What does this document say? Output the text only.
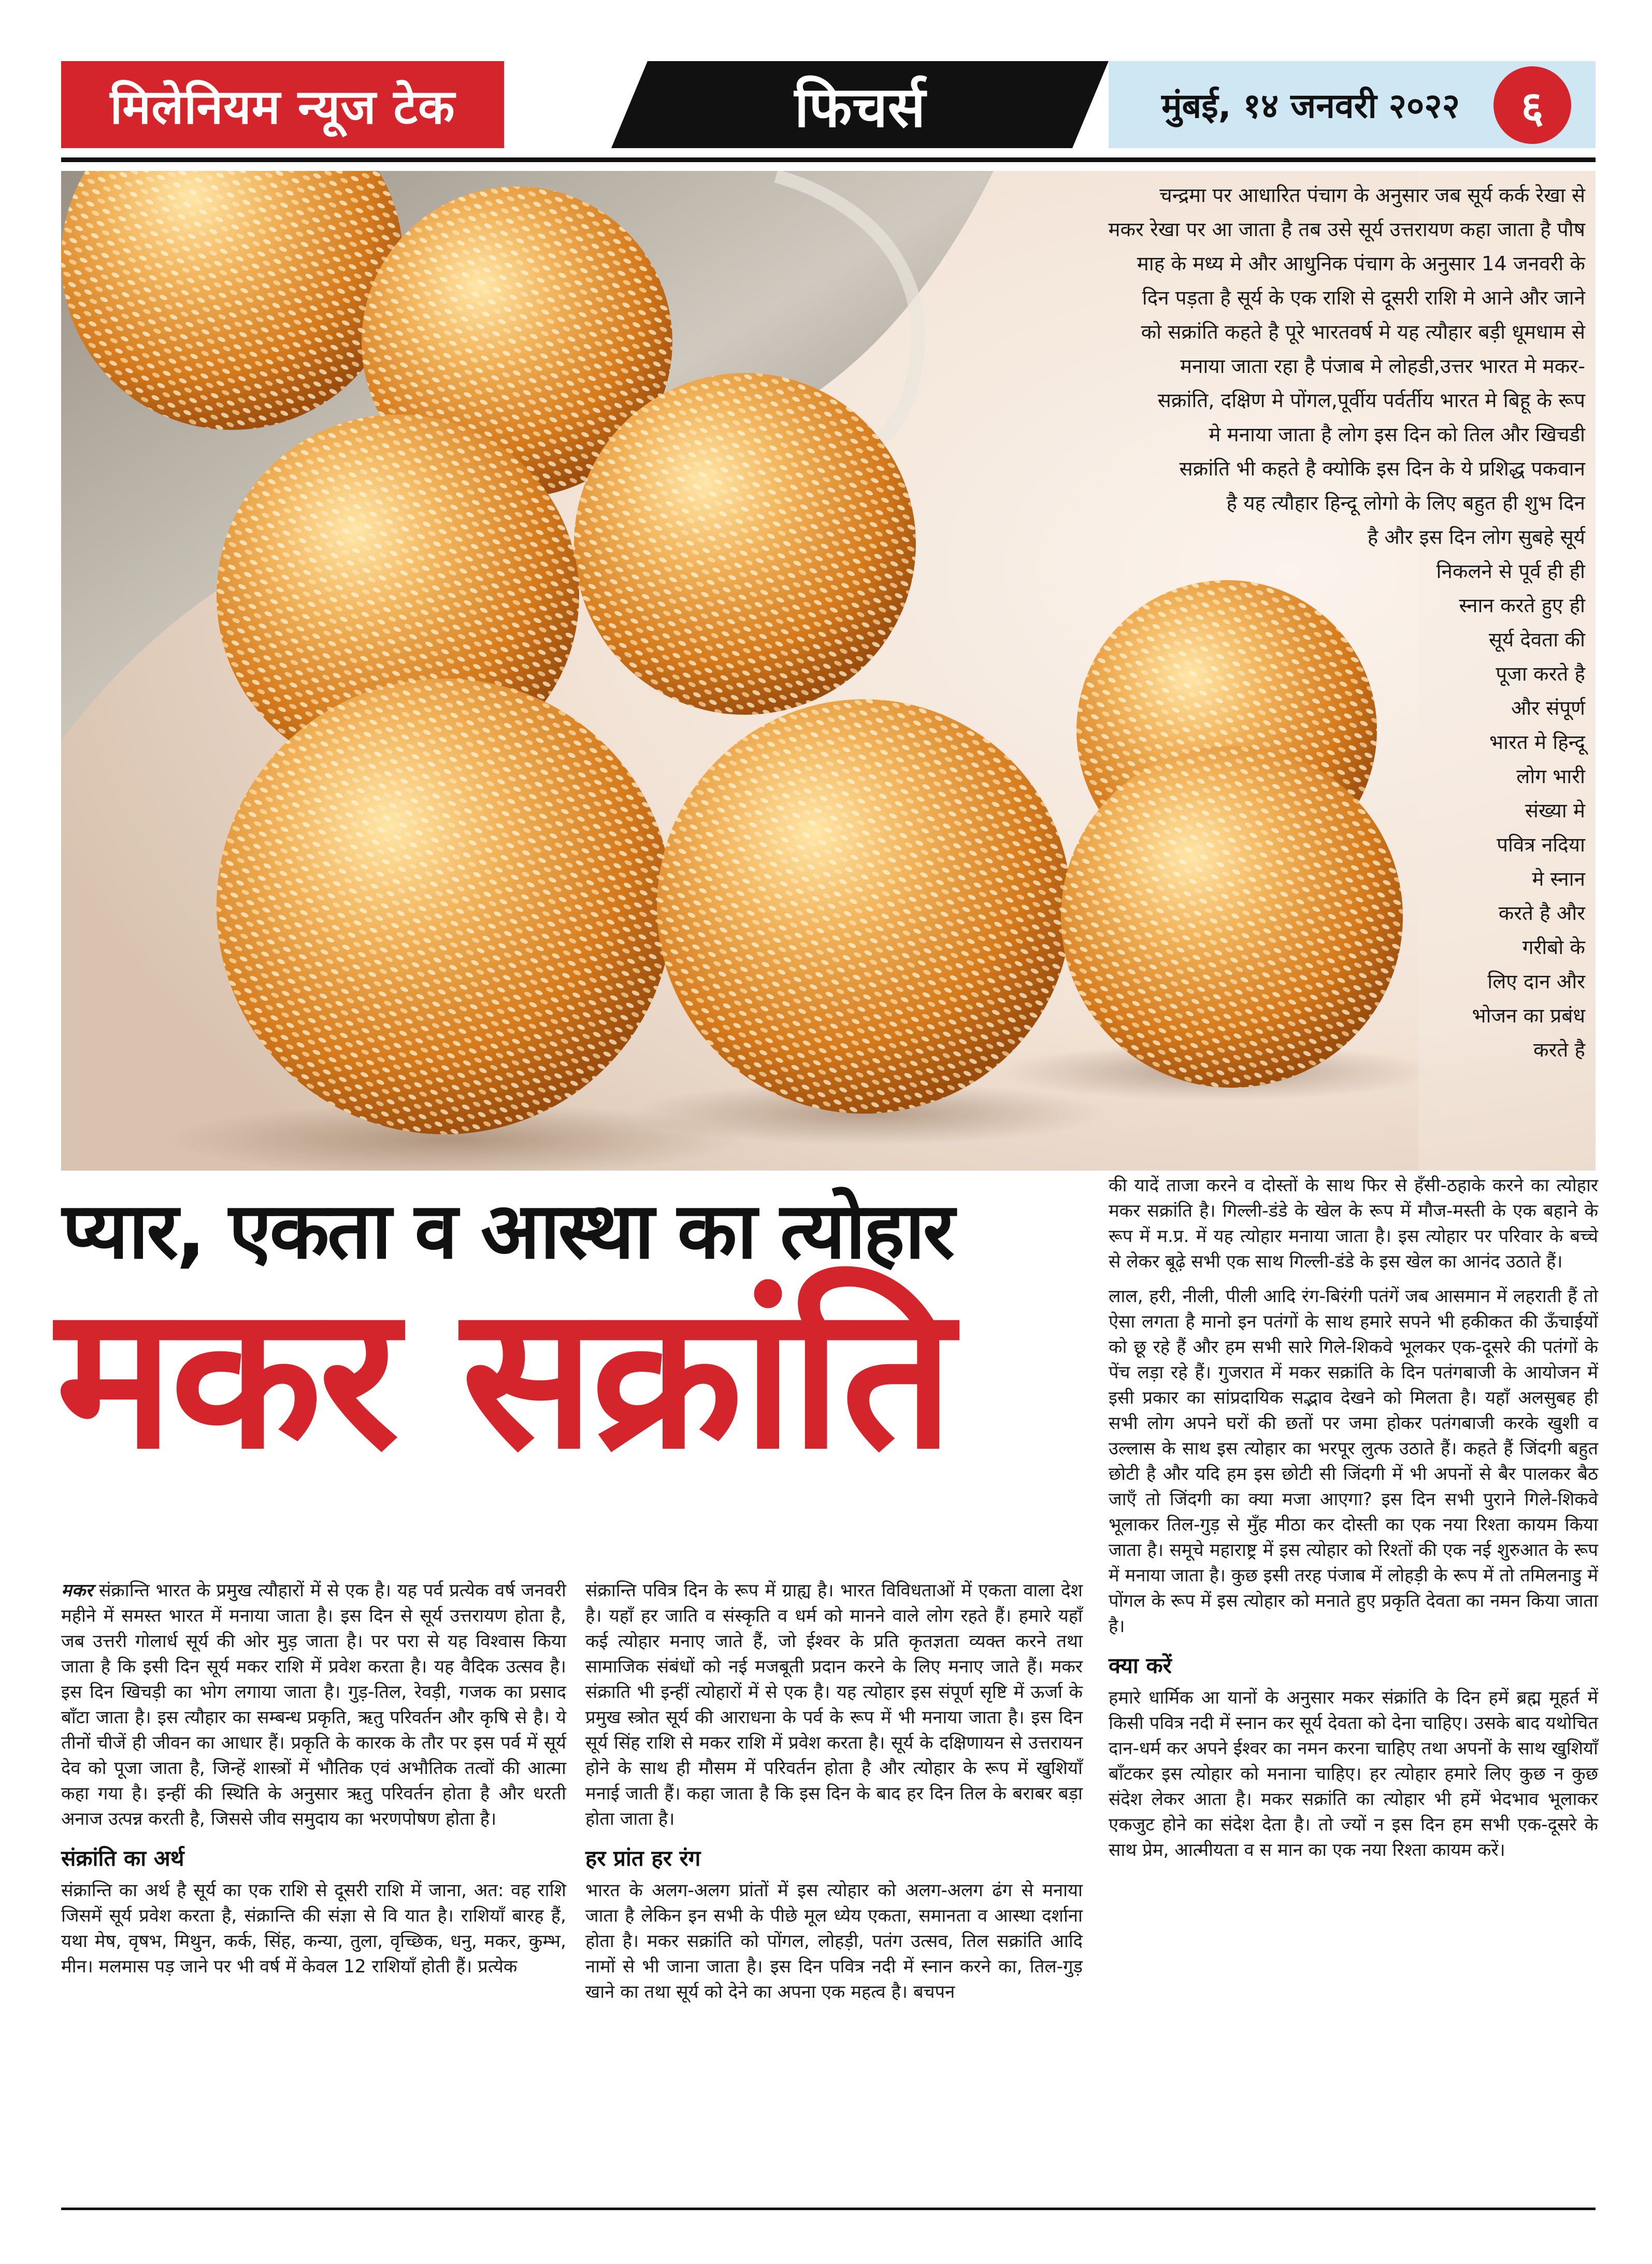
मिलेनियम न्यूज टेक	फिचर्स	मुंबई, १४ जनवरी २०२२	६
चन्द्रमा पर आधारित पंचाग के अनुसार जब सूर्य कर्क रेखा से
मकर रेखा पर आ जाता है तब उसे सूर्य उत्तरायण कहा जाता है पौष
माह के मध्य मे और आधुनिक पंचाग के अनुसार 14 जनवरी के
दिन पड़ता है सूर्य के एक राशि से दूसरी राशि मे आने और जाने
को सक्रांति कहते है पूरे भारतवर्ष मे यह त्यौहार बड़ी धूमधाम से
मनाया जाता रहा है पंजाब मे लोहडी,उत्तर भारत मे मकर-
सक्रांति, दक्षिण मे पोंगल,पूर्वीय पर्वर्तीय भारत मे बिहू के रूप
मे मनाया जाता है लोग इस दिन को तिल और खिचडी
सक्रांति भी कहते है क्योकि इस दिन के ये प्रशिद्ध पकवान
है यह त्यौहार हिन्दू लोगो के लिए बहुत ही शुभ दिन
है और इस दिन लोग सुबहे सूर्य
निकलने से पूर्व ही ही
स्नान करते हुए ही
सूर्य देवता की
पूजा करते है
और संपूर्ण
भारत मे हिन्दू
लोग भारी
संख्या मे
पवित्र नदिया
मे स्नान
करते है और
गरीबो के
लिए दान और
भोजन का प्रबंध
करते है
प्यार, एकता व आस्था का त्योहार
मकर सक्रांति

मकर संक्रान्ति भारत के प्रमुख त्यौहारों में से एक है। यह पर्व प्रत्येक वर्ष जनवरी महीने में समस्त भारत में मनाया जाता है। इस दिन से सूर्य उत्तरायण होता है, जब उत्तरी गोलार्ध सूर्य की ओर मुड़ जाता है। पर परा से यह विश्वास किया जाता है कि इसी दिन सूर्य मकर राशि में प्रवेश करता है। यह वैदिक उत्सव है। इस दिन खिचड़ी का भोग लगाया जाता है। गुड़-तिल, रेवड़ी, गजक का प्रसाद बाँटा जाता है। इस त्यौहार का सम्बन्ध प्रकृति, ऋतु परिवर्तन और कृषि से है। ये तीनों चीजें ही जीवन का आधार हैं। प्रकृति के कारक के तौर पर इस पर्व में सूर्य देव को पूजा जाता है, जिन्हें शास्त्रों में भौतिक एवं अभौतिक तत्वों की आत्मा कहा गया है। इन्हीं की स्थिति के अनुसार ऋतु परिवर्तन होता है और धरती अनाज उत्पन्न करती है, जिससे जीव समुदाय का भरणपोषण होता है।

संक्रांति का अर्थ

संक्रान्ति का अर्थ है सूर्य का एक राशि से दूसरी राशि में जाना, अत: वह राशि जिसमें सूर्य प्रवेश करता है, संक्रान्ति की संज्ञा से वि यात है। राशियाँ बारह हैं, यथा मेष, वृषभ, मिथुन, कर्क, सिंह, कन्या, तुला, वृच्छिक, धनु, मकर, कुम्भ, मीन। मलमास पड़ जाने पर भी वर्ष में केवल 12 राशियाँ होती हैं। प्रत्येक

संक्रान्ति पवित्र दिन के रूप में ग्राह्य है। भारत विविधताओं में एकता वाला देश है। यहाँ हर जाति व संस्कृति व धर्म को मानने वाले लोग रहते हैं। हमारे यहाँ कई त्योहार मनाए जाते हैं, जो ईश्वर के प्रति कृतज्ञता व्यक्त करने तथा सामाजिक संबंधों को नई मजबूती प्रदान करने के लिए मनाए जाते हैं। मकर संक्राति भी इन्हीं त्योहारों में से एक है। यह त्योहार इस संपूर्ण सृष्टि में ऊर्जा के प्रमुख स्त्रोत सूर्य की आराधना के पर्व के रूप में भी मनाया जाता है। इस दिन सूर्य सिंह राशि से मकर राशि में प्रवेश करता है। सूर्य के दक्षिणायन से उत्तरायन होने के साथ ही मौसम में परिवर्तन होता है और त्योहार के रूप में खुशियाँ मनाई जाती हैं। कहा जाता है कि इस दिन के बाद हर दिन तिल के बराबर बड़ा होता जाता है।

हर प्रांत हर रंग

भारत के अलग-अलग प्रांतों में इस त्योहार को अलग-अलग ढंग से मनाया जाता है लेकिन इन सभी के पीछे मूल ध्येय एकता, समानता व आस्था दर्शाना होता है। मकर सक्रांति को पोंगल, लोहड़ी, पतंग उत्सव, तिल सक्रांति आदि नामों से भी जाना जाता है। इस दिन पवित्र नदी में स्नान करने का, तिल-गुड़ खाने का तथा सूर्य को देने का अपना एक महत्व है। बचपन

की यादें ताजा करने व दोस्तों के साथ फिर से हँसी-ठहाके करने का त्योहार मकर सक्रांति है। गिल्ली-डंडे के खेल के रूप में मौज-मस्ती के एक बहाने के रूप में म.प्र. में यह त्योहार मनाया जाता है। इस त्योहार पर परिवार के बच्चे से लेकर बूढ़े सभी एक साथ गिल्ली-डंडे के इस खेल का आनंद उठाते हैं।

लाल, हरी, नीली, पीली आदि रंग-बिरंगी पतंगें जब आसमान में लहराती हैं तो ऐसा लगता है मानो इन पतंगों के साथ हमारे सपने भी हकीकत की ऊँचाईयों को छू रहे हैं और हम सभी सारे गिले-शिकवे भूलकर एक-दूसरे की पतंगों के पेंच लड़ा रहे हैं। गुजरात में मकर सक्रांति के दिन पतंगबाजी के आयोजन में इसी प्रकार का सांप्रदायिक सद्भाव देखने को मिलता है। यहाँ अलसुबह ही सभी लोग अपने घरों की छतों पर जमा होकर पतंगबाजी करके खुशी व उल्लास के साथ इस त्योहार का भरपूर लुत्फ उठाते हैं। कहते हैं जिंदगी बहुत छोटी है और यदि हम इस छोटी सी जिंदगी में भी अपनों से बैर पालकर बैठ जाएँ तो जिंदगी का क्या मजा आएगा? इस दिन सभी पुराने गिले-शिकवे भूलाकर तिल-गुड़ से मुँह मीठा कर दोस्ती का एक नया रिश्ता कायम किया जाता है। समूचे महाराष्ट्र में इस त्योहार को रिश्तों की एक नई शुरुआत के रूप में मनाया जाता है। कुछ इसी तरह पंजाब में लोहड़ी के रूप में तो तमिलनाडु में पोंगल के रूप में इस त्योहार को मनाते हुए प्रकृति देवता का नमन किया जाता है।

क्या करें

हमारे धार्मिक आ यानों के अनुसार मकर संक्रांति के दिन हमें ब्रह्म मूहर्त में किसी पवित्र नदी में स्नान कर सूर्य देवता को देना चाहिए। उसके बाद यथोचित दान-धर्म कर अपने ईश्वर का नमन करना चाहिए तथा अपनों के साथ खुशियाँ बाँटकर इस त्योहार को मनाना चाहिए। हर त्योहार हमारे लिए कुछ न कुछ संदेश लेकर आता है। मकर सक्रांति का त्योहार भी हमें भेदभाव भूलाकर एकजुट होने का संदेश देता है। तो ज्यों न इस दिन हम सभी एक-दूसरे के साथ प्रेम, आत्मीयता व स मान का एक नया रिश्ता कायम करें।
